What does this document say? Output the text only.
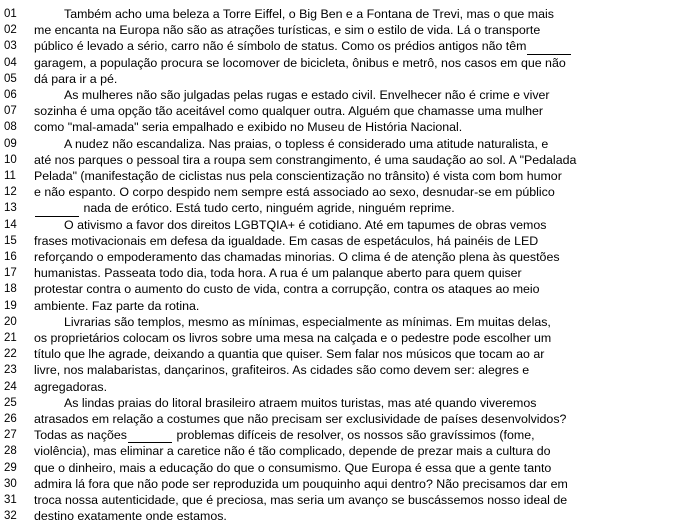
01	Também acho uma beleza a Torre Eiffel, o Big Ben e a Fontana de Trevi, mas o que mais
02	me encanta na Europa não são as atrações turísticas, e sim o estilo de vida. Lá o transporte
03	público é levado a sério, carro não é símbolo de status. Como os prédios antigos não têm
04	garagem, a população procura se locomover de bicicleta, ônibus e metrô, nos casos em que não
05	dá para ir a pé.
06	As mulheres não são julgadas pelas rugas e estado civil. Envelhecer não é crime e viver
07	sozinha é uma opção tão aceitável como qualquer outra. Alguém que chamasse uma mulher
08	como "mal-amada" seria empalhado e exibido no Museu de História Nacional.
09	A nudez não escandaliza. Nas praias, o topless é considerado uma atitude naturalista, e
10	até nos parques o pessoal tira a roupa sem constrangimento, é uma saudação ao sol. A "Pedalada
11	Pelada" (manifestação de ciclistas nus pela conscientização no trânsito) é vista com bom humor
12	e não espanto. O corpo despido nem sempre está associado ao sexo, desnudar-se em público
13	nada de erótico. Está tudo certo, ninguém agride, ninguém reprime.
14	O ativismo a favor dos direitos LGBTQIA+ é cotidiano. Até em tapumes de obras vemos
15	frases motivacionais em defesa da igualdade. Em casas de espetáculos, há painéis de LED
16	reforçando o empoderamento das chamadas minorias. O clima é de atenção plena às questões
17	humanistas. Passeata todo dia, toda hora. A rua é um palanque aberto para quem quiser
18	protestar contra o aumento do custo de vida, contra a corrupção, contra os ataques ao meio
19	ambiente. Faz parte da rotina.
20	Livrarias são templos, mesmo as mínimas, especialmente as mínimas. Em muitas delas,
21	os proprietários colocam os livros sobre uma mesa na calçada e o pedestre pode escolher um
22	título que lhe agrade, deixando a quantia que quiser. Sem falar nos músicos que tocam ao ar
23	livre, nos malabaristas, dançarinos, grafiteiros. As cidades são como devem ser: alegres e
24	agregadoras.
25	As lindas praias do litoral brasileiro atraem muitos turistas, mas até quando viveremos
26	atrasados em relação a costumes que não precisam ser exclusividade de países desenvolvidos?
27	Todas as nações	problemas difíceis de resolver, os nossos são gravíssimos (fome,
28	violência), mas eliminar a caretice não é tão complicado, depende de prezar mais a cultura do
29	que o dinheiro, mais a educação do que o consumismo. Que Europa é essa que a gente tanto
30	admira lá fora que não pode ser reproduzida um pouquinho aqui dentro? Não precisamos dar em
31	troca nossa autenticidade, que é preciosa, mas seria um avanço se buscássemos nosso ideal de
32	destino exatamente onde estamos.
